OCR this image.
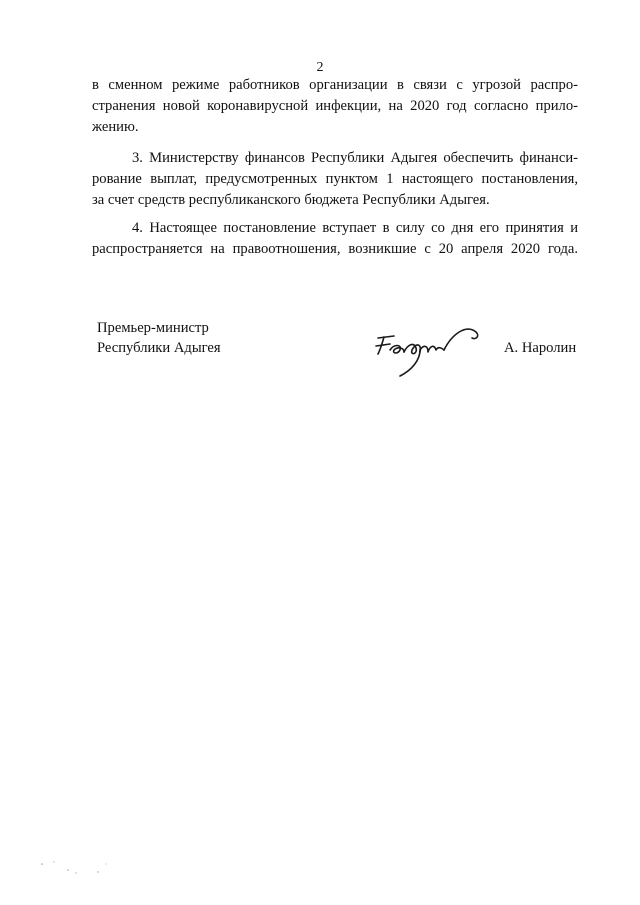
2
в сменном режиме работников организации в связи с угрозой распро-
странения новой коронавирусной инфекции, на 2020 год согласно прило-
жению.
3. Министерству финансов Республики Адыгея обеспечить финанси-
рование выплат, предусмотренных пунктом 1 настоящего постановления,
за счет средств республиканского бюджета Республики Адыгея.
4. Настоящее постановление вступает в силу со дня его принятия и
распространяется на правоотношения, возникшие с 20 апреля 2020 года.
Премьер-министр
Республики Адыгея	А. Наролин
